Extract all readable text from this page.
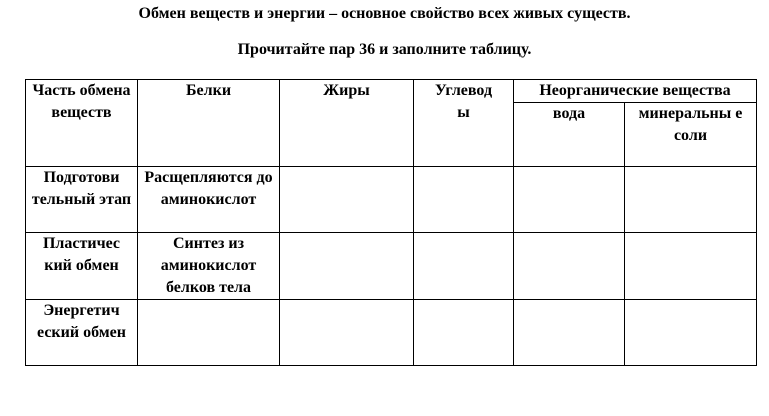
Обмен веществ и энергии – основное свойство всех живых существ.
Прочитайте пар 36 и заполните таблицу.
Часть обмена веществ	Белки	Жиры	Углевод ы	Неорганические вещества	
				вода	минеральны е соли
Подготови тельный этап	Расщепляются до аминокислот				
Пластичес кий обмен	Синтез из аминокислот белков тела				
Энергетич еский обмен					
